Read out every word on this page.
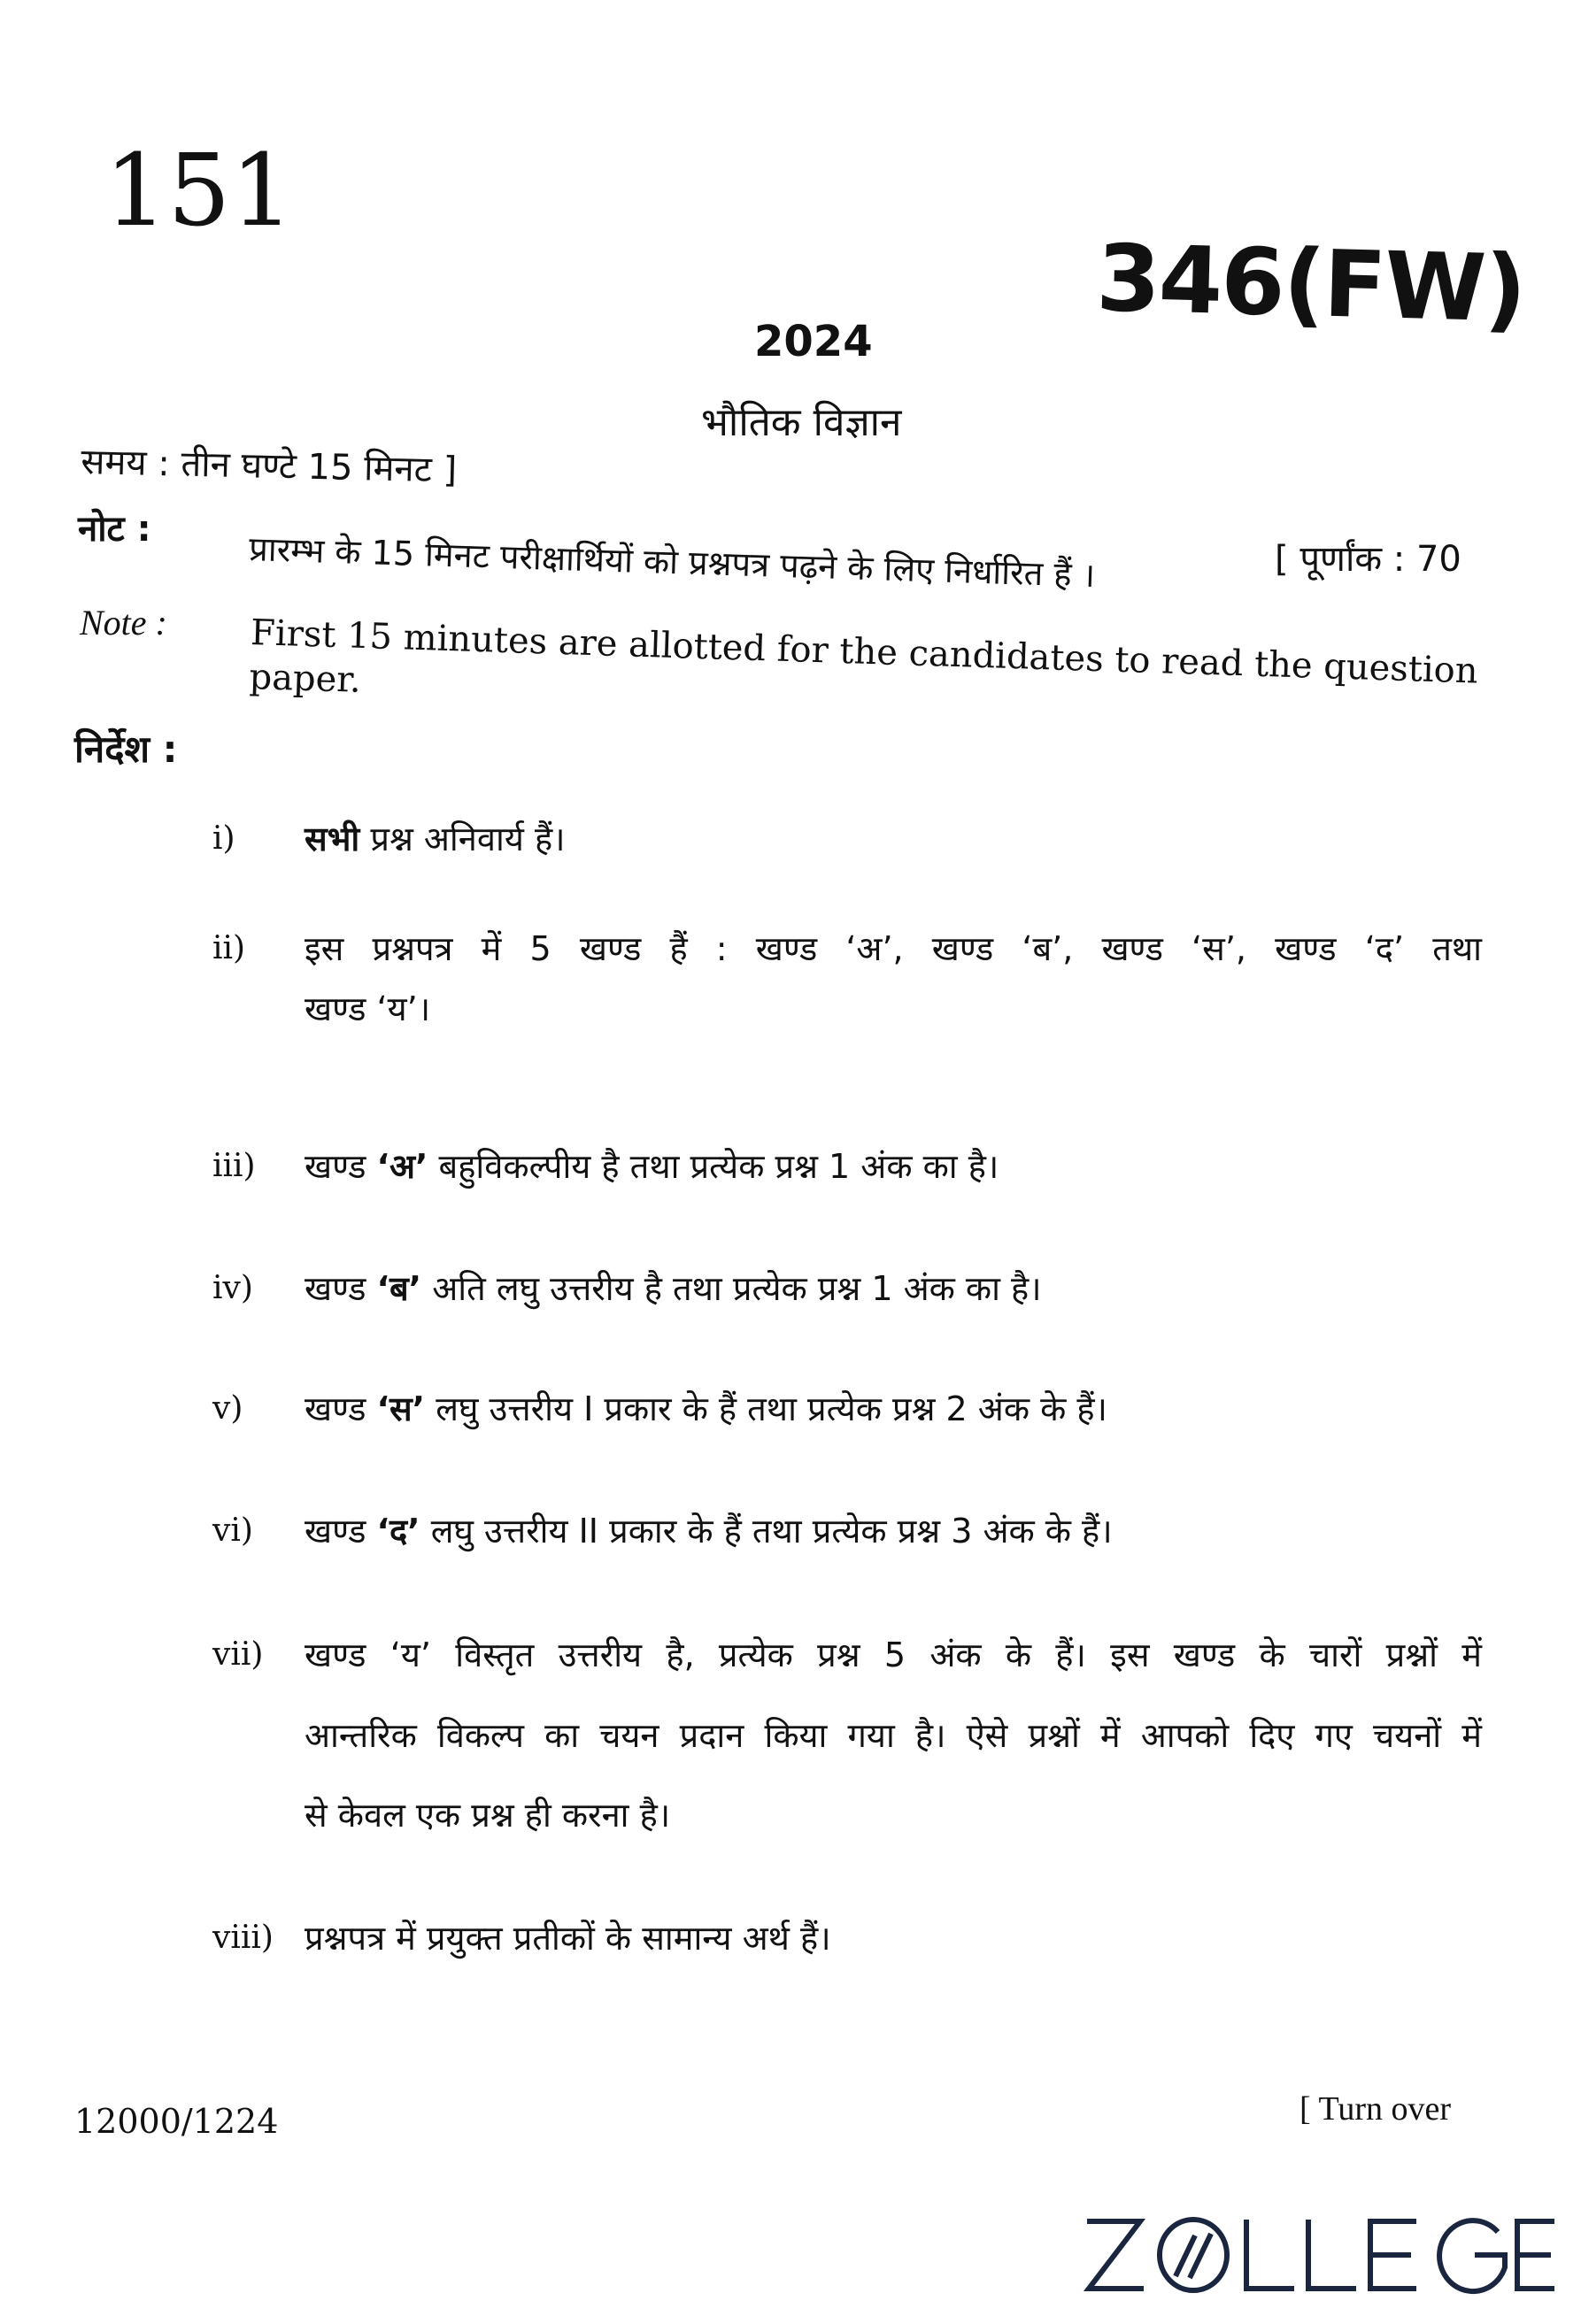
151
346(FW)
2024
भौतिक विज्ञान
समय : तीन घण्टे 15 मिनट ]
[ पूर्णांक : 70
नोट :	प्रारम्भ के 15 मिनट परीक्षार्थियों को प्रश्नपत्र पढ़ने के लिए निर्धारित हैं ।
Note : First 15 minutes are allotted for the candidates to read the question paper.
निर्देश :
i) सभी प्रश्न अनिवार्य हैं।
ii) इस प्रश्नपत्र में 5 खण्ड हैं : खण्ड ‘अ’, खण्ड ‘ब’, खण्ड ‘स’, खण्ड ‘द’ तथा
खण्ड ‘य’।
iii) खण्ड ‘अ’ बहुविकल्पीय है तथा प्रत्येक प्रश्न 1 अंक का है।
iv) खण्ड ‘ब’ अति लघु उत्तरीय है तथा प्रत्येक प्रश्न 1 अंक का है।
v) खण्ड ‘स’ लघु उत्तरीय I प्रकार के हैं तथा प्रत्येक प्रश्न 2 अंक के हैं।
vi) खण्ड ‘द’ लघु उत्तरीय II प्रकार के हैं तथा प्रत्येक प्रश्न 3 अंक के हैं।
vii) खण्ड ‘य’ विस्तृत उत्तरीय है, प्रत्येक प्रश्न 5 अंक के हैं। इस खण्ड के चारों प्रश्नों में
आन्तरिक विकल्प का चयन प्रदान किया गया है। ऐसे प्रश्नों में आपको दिए गए चयनों में
से केवल एक प्रश्न ही करना है।
viii) प्रश्नपत्र में प्रयुक्त प्रतीकों के सामान्य अर्थ हैं।
12000/1224	[ Turn over
